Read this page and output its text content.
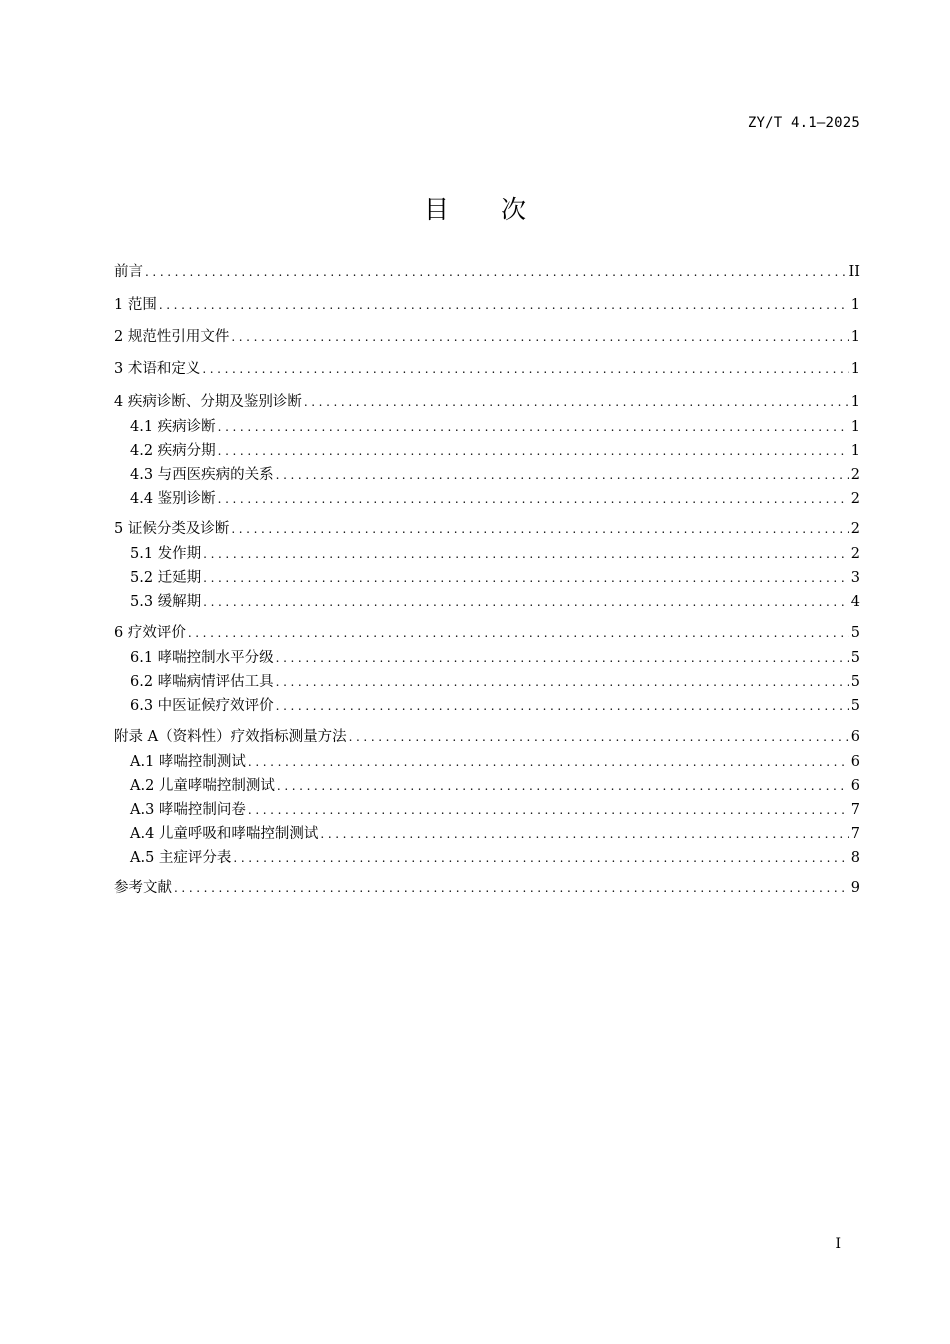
ZY/T 4.1—2025
目 次
前言 .....	II
1 范围 .....	1
2 规范性引用文件 .....	1
3 术语和定义 .....	1
4 疾病诊断、分期及鉴别诊断 .....	1
4.1 疾病诊断 .....	1
4.2 疾病分期 .....	1
4.3 与西医疾病的关系 .....	2
4.4 鉴别诊断 .....	2
5 证候分类及诊断 .....	2
5.1 发作期 .....	2
5.2 迁延期 .....	3
5.3 缓解期 .....	4
6 疗效评价 .....	5
6.1 哮喘控制水平分级 .....	5
6.2 哮喘病情评估工具 .....	5
6.3 中医证候疗效评价 .....	5
附录 A（资料性）疗效指标测量方法 .....	6
A.1 哮喘控制测试 .....	6
A.2 儿童哮喘控制测试 .....	6
A.3 哮喘控制问卷 .....	7
A.4 儿童呼吸和哮喘控制测试 .....	7
A.5 主症评分表 .....	8
参考文献 .....	9
I
